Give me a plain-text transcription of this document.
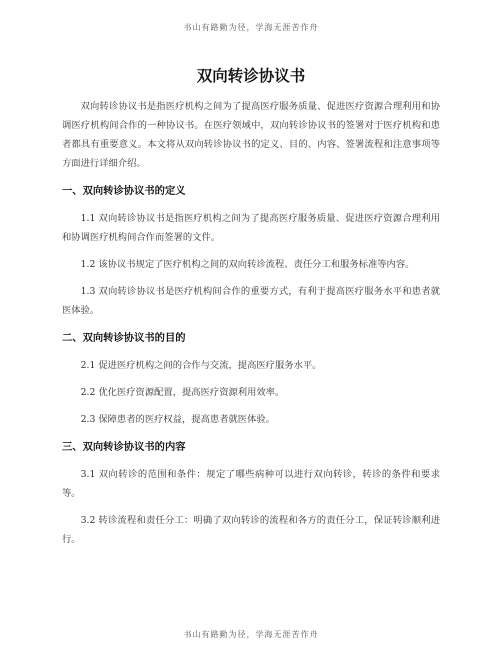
书山有路勤为径，学海无涯苦作舟
双向转诊协议书

双向转诊协议书是指医疗机构之间为了提高医疗服务质量、促进医疗资源合理利用和协调医疗机构间合作的一种协议书。在医疗领域中，双向转诊协议书的签署对于医疗机构和患者都具有重要意义。本文将从双向转诊协议书的定义、目的、内容、签署流程和注意事项等方面进行详细介绍。

一、双向转诊协议书的定义

1.1 双向转诊协议书是指医疗机构之间为了提高医疗服务质量、促进医疗资源合理利用和协调医疗机构间合作而签署的文件。

1.2 该协议书规定了医疗机构之间的双向转诊流程、责任分工和服务标准等内容。

1.3 双向转诊协议书是医疗机构间合作的重要方式，有利于提高医疗服务水平和患者就医体验。

二、双向转诊协议书的目的

2.1 促进医疗机构之间的合作与交流，提高医疗服务水平。

2.2 优化医疗资源配置，提高医疗资源利用效率。

2.3 保障患者的医疗权益，提高患者就医体验。

三、双向转诊协议书的内容

3.1 双向转诊的范围和条件：规定了哪些病种可以进行双向转诊，转诊的条件和要求等。

3.2 转诊流程和责任分工：明确了双向转诊的流程和各方的责任分工，保证转诊顺利进行。

书山有路勤为径，学海无涯苦作舟
